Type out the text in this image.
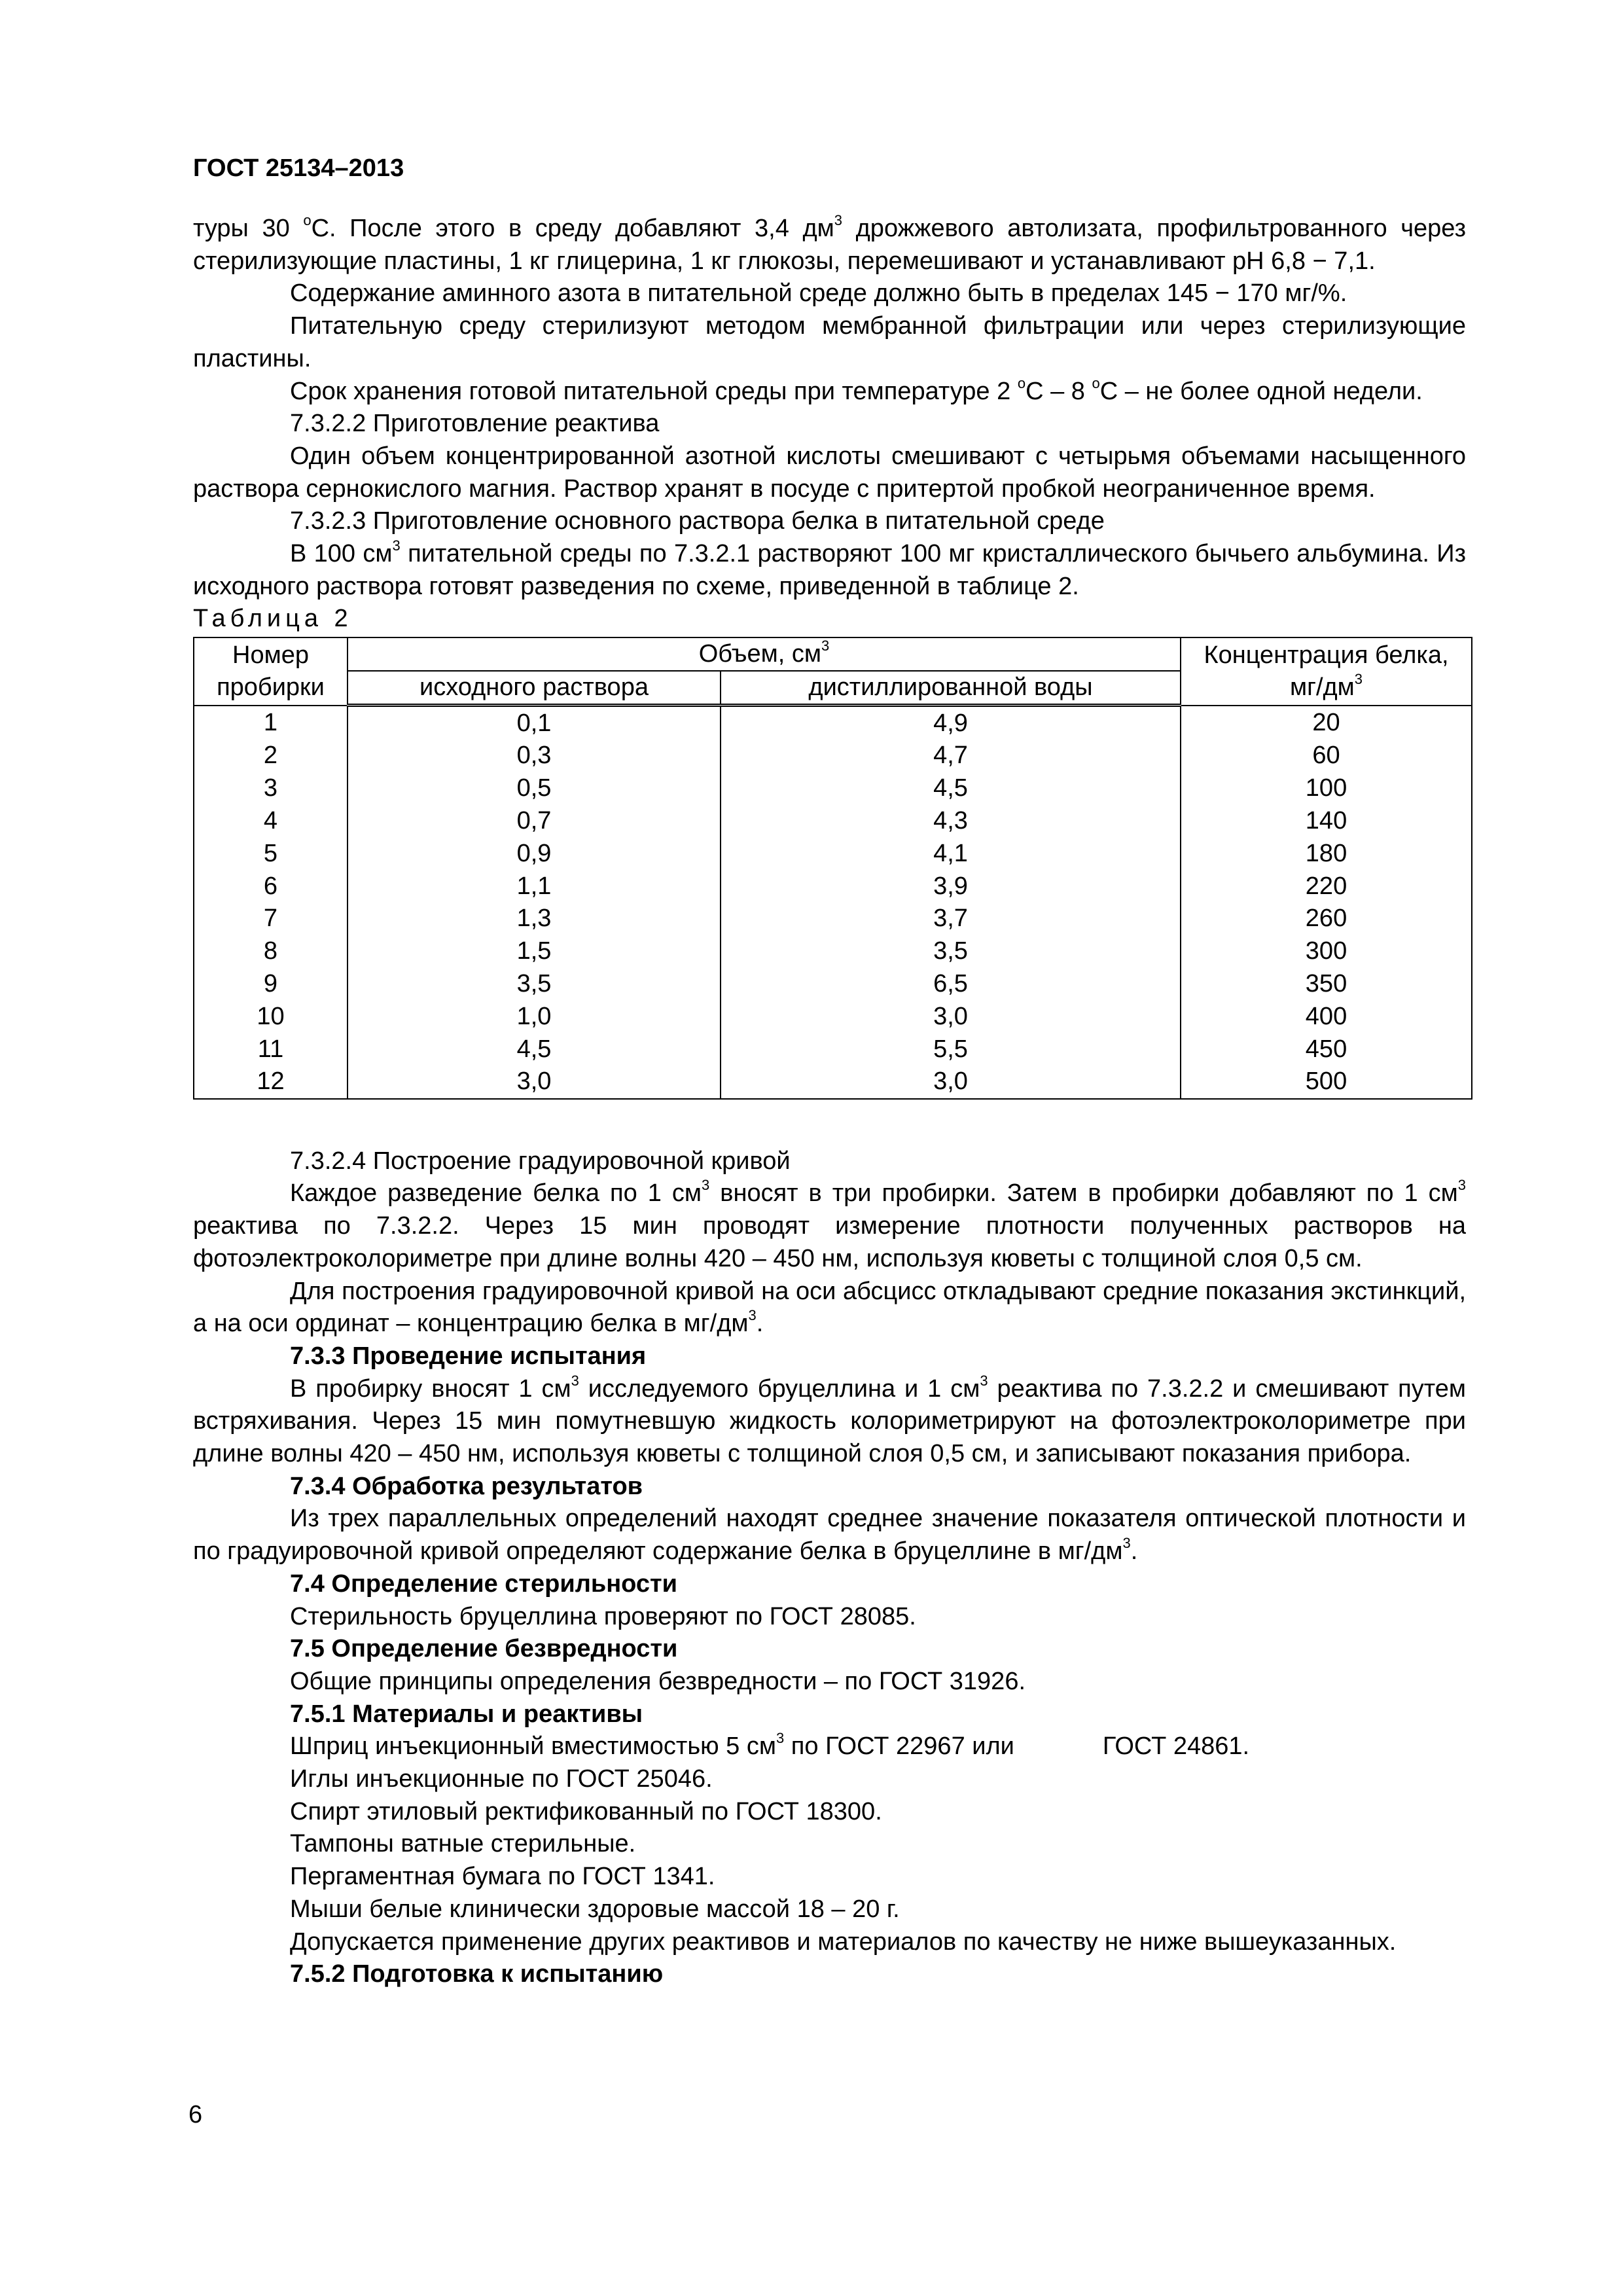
ГОСТ 25134–2013

туры 30 $^о$С. После этого в среду добавляют 3,4 $дм^3$ дрожжевого автолизата, профильтрованного через стерилизующие пластины, 1 кг глицерина, 1 кг глюкозы, перемешивают и устанавливают рН 6,8 − 7,1.

Содержание аминного азота в питательной среде должно быть в пределах 145 − 170 мг/%.

Питательную среду стерилизуют методом мембранной фильтрации или через стерилизующие пластины.

Срок хранения готовой питательной среды при температуре 2 $^о$С – 8 $^о$С – не более одной недели.

7.3.2.2 Приготовление реактива

Один объем концентрированной азотной кислоты смешивают с четырьмя объемами насыщенного раствора сернокислого магния. Раствор хранят в посуде с притертой пробкой неограниченное время.

7.3.2.3 Приготовление основного раствора белка в питательной среде

В 100 $см^3$ питательной среды по 7.3.2.1 растворяют 100 мг кристаллического бычьего альбумина. Из исходного раствора готовят разведения по схеме, приведенной в таблице 2.

Таблица 2

Номер пробирки	Объем, $см^3$		Концентрация белка, $мг/дм^3$
	исходного раствора	дистиллированной воды	
1	0,1	4,9	20
2	0,3	4,7	60
3	0,5	4,5	100
4	0,7	4,3	140
5	0,9	4,1	180
6	1,1	3,9	220
7	1,3	3,7	260
8	1,5	3,5	300
9	3,5	6,5	350
10	1,0	3,0	400
11	4,5	5,5	450
12	3,0	3,0	500

7.3.2.4 Построение градуировочной кривой

Каждое разведение белка по 1 $см^3$ вносят в три пробирки. Затем в пробирки добавляют по 1 $см^3$ реактива по 7.3.2.2. Через 15 мин проводят измерение плотности полученных растворов на фотоэлектроколориметре при длине волны 420 – 450 нм, используя кюветы с толщиной слоя 0,5 см.

Для построения градуировочной кривой на оси абсцисс откладывают средние показания экстинкций, а на оси ординат – концентрацию белка в $мг/дм^3$.

7.3.3 Проведение испытания

В пробирку вносят 1 $см^3$ исследуемого бруцеллина и 1 $см^3$ реактива по 7.3.2.2 и смешивают путем встряхивания. Через 15 мин помутневшую жидкость колориметрируют на фотоэлектроколориметре при длине волны 420 – 450 нм, используя кюветы с толщиной слоя 0,5 см, и записывают показания прибора.

7.3.4 Обработка результатов

Из трех параллельных определений находят среднее значение показателя оптической плотности и по градуировочной кривой определяют содержание белка в бруцеллине в $мг/дм^3$.

7.4 Определение стерильности

Стерильность бруцеллина проверяют по ГОСТ 28085.

7.5 Определение безвредности

Общие принципы определения безвредности – по ГОСТ 31926.

7.5.1 Материалы и реактивы

Шприц инъекционный вместимостью 5 $см^3$ по ГОСТ 22967 или	ГОСТ 24861.

Иглы инъекционные по ГОСТ 25046.

Спирт этиловый ректификованный по ГОСТ 18300.

Тампоны ватные стерильные.

Пергаментная бумага по ГОСТ 1341.

Мыши белые клинически здоровые массой 18 – 20 г.

Допускается применение других реактивов и материалов по качеству не ниже вышеуказанных.

7.5.2 Подготовка к испытанию

6
